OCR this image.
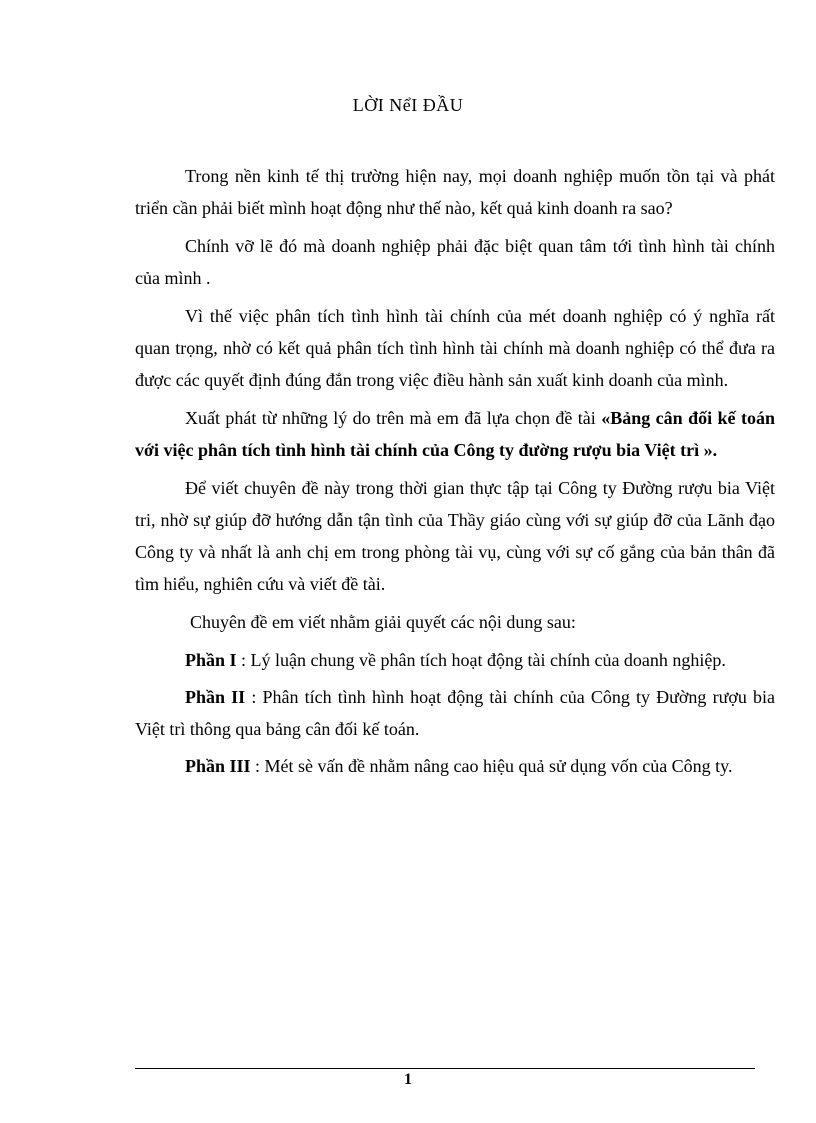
LỜI NểI ĐẦU

Trong nền kinh tế thị trường hiện nay, mọi doanh nghiệp muốn tồn tại và phát triển cần phải biết mình hoạt động như thế nào, kết quả kinh doanh ra sao?

Chính vỡ lẽ đó mà doanh nghiệp phải đặc biệt quan tâm tới tình hình tài chính của mình .

Vì thế việc phân tích tình hình tài chính của mét doanh nghiệp có ý nghĩa rất quan trọng, nhờ có kết quả phân tích tình hình tài chính mà doanh nghiệp có thể đưa ra được các quyết định đúng đắn trong việc điều hành sản xuất kinh doanh của mình.

Xuất phát từ những lý do trên mà em đã lựa chọn đề tài «Bảng cân đối kế toán với việc phân tích tình hình tài chính của Công ty đường rượu bia Việt trì ».

Để viết chuyên đề này trong thời gian thực tập tại Công ty Đường rượu bia Việt tri, nhờ sự giúp đỡ hướng dẫn tận tình của Thầy giáo cùng với sự giúp đỡ của Lãnh đạo Công ty và nhất là anh chị em trong phòng tài vụ, cùng với sự cố gắng của bản thân đã tìm hiểu, nghiên cứu và viết đề tài.

Chuyên đề em viết nhằm giải quyết các nội dung sau:

Phần I : Lý luận chung về phân tích hoạt động tài chính của doanh nghiệp.

Phần II : Phân tích tình hình hoạt động tài chính của Công ty Đường rượu bia Việt trì thông qua bảng cân đối kế toán.

Phần III : Mét sè vấn đề nhằm nâng cao hiệu quả sử dụng vốn của Công ty.

1
